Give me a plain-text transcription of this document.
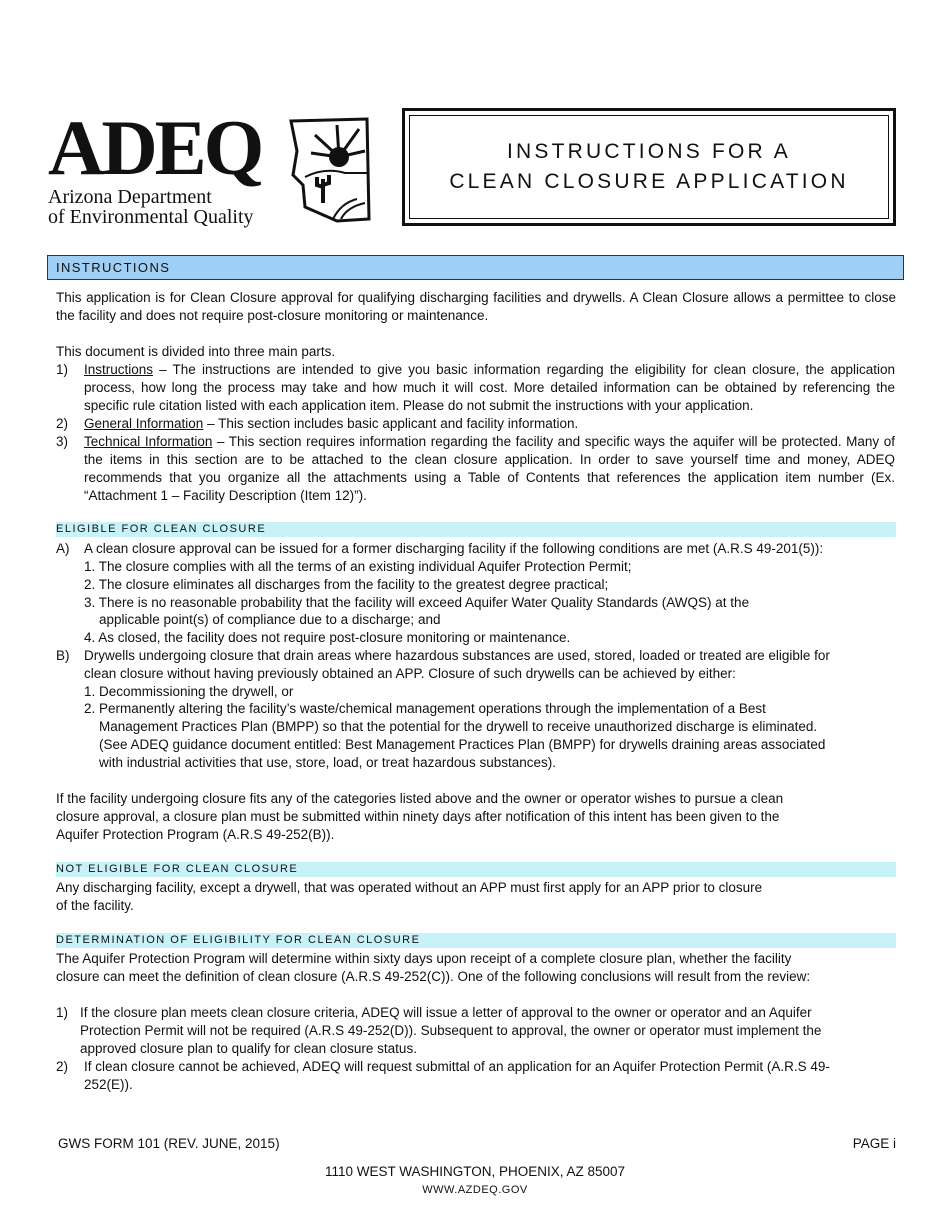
ADEQ
Arizona Department
of Environmental Quality
INSTRUCTIONS FOR A
CLEAN CLOSURE APPLICATION
INSTRUCTIONS
This application is for Clean Closure approval for qualifying discharging facilities and drywells. A Clean Closure allows a permittee to close the facility and does not require post-closure monitoring or maintenance.
This document is divided into three main parts.
1) Instructions – The instructions are intended to give you basic information regarding the eligibility for clean closure, the application process, how long the process may take and how much it will cost. More detailed information can be obtained by referencing the specific rule citation listed with each application item. Please do not submit the instructions with your application.
2) General Information – This section includes basic applicant and facility information.
3) Technical Information – This section requires information regarding the facility and specific ways the aquifer will be protected. Many of the items in this section are to be attached to the clean closure application. In order to save yourself time and money, ADEQ recommends that you organize all the attachments using a Table of Contents that references the application item number (Ex. “Attachment 1 – Facility Description (Item 12)”).
ELIGIBLE FOR CLEAN CLOSURE
A) A clean closure approval can be issued for a former discharging facility if the following conditions are met (A.R.S 49-201(5)):
1. The closure complies with all the terms of an existing individual Aquifer Protection Permit;
2. The closure eliminates all discharges from the facility to the greatest degree practical;
3. There is no reasonable probability that the facility will exceed Aquifer Water Quality Standards (AWQS) at the
applicable point(s) of compliance due to a discharge; and
4. As closed, the facility does not require post-closure monitoring or maintenance.
B) Drywells undergoing closure that drain areas where hazardous substances are used, stored, loaded or treated are eligible for
clean closure without having previously obtained an APP. Closure of such drywells can be achieved by either:
1. Decommissioning the drywell, or
2. Permanently altering the facility’s waste/chemical management operations through the implementation of a Best
Management Practices Plan (BMPP) so that the potential for the drywell to receive unauthorized discharge is eliminated.
(See ADEQ guidance document entitled: Best Management Practices Plan (BMPP) for drywells draining areas associated
with industrial activities that use, store, load, or treat hazardous substances).
If the facility undergoing closure fits any of the categories listed above and the owner or operator wishes to pursue a clean
closure approval, a closure plan must be submitted within ninety days after notification of this intent has been given to the
Aquifer Protection Program (A.R.S 49-252(B)).
NOT ELIGIBLE FOR CLEAN CLOSURE
Any discharging facility, except a drywell, that was operated without an APP must first apply for an APP prior to closure
of the facility.
DETERMINATION OF ELIGIBILITY FOR CLEAN CLOSURE
The Aquifer Protection Program will determine within sixty days upon receipt of a complete closure plan, whether the facility
closure can meet the definition of clean closure (A.R.S 49-252(C)). One of the following conclusions will result from the review:
1) If the closure plan meets clean closure criteria, ADEQ will issue a letter of approval to the owner or operator and an Aquifer
Protection Permit will not be required (A.R.S 49-252(D)). Subsequent to approval, the owner or operator must implement the
approved closure plan to qualify for clean closure status.
2) If clean closure cannot be achieved, ADEQ will request submittal of an application for an Aquifer Protection Permit (A.R.S 49-
252(E)).
GWS FORM 101 (REV. JUNE, 2015)	PAGE i
1110 WEST WASHINGTON, PHOENIX, AZ 85007
WWW.AZDEQ.GOV
